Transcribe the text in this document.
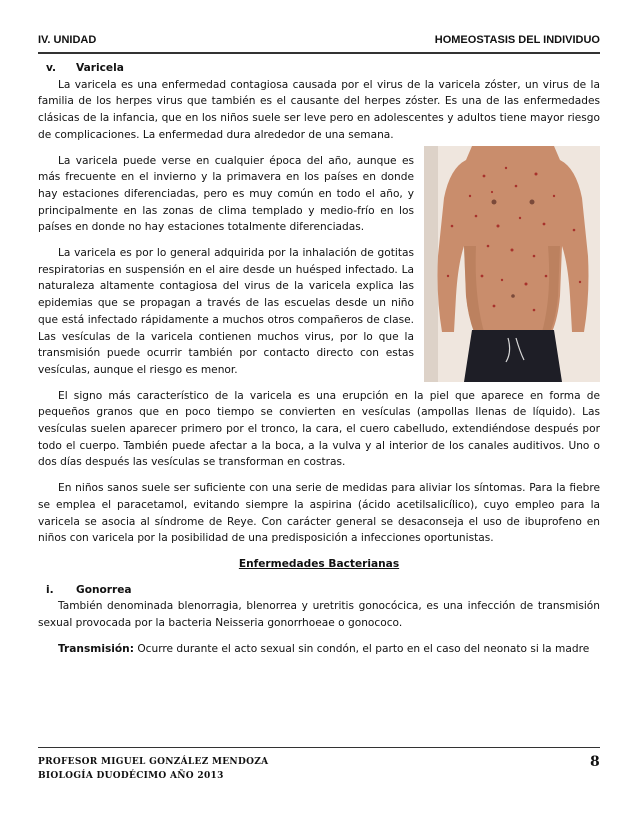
IV. UNIDAD	HOMEOSTASIS DEL INDIVIDUO
v. Varicela

La varicela es una enfermedad contagiosa causada por el virus de la varicela zóster, un virus de la familia de los herpes virus que también es el causante del herpes zóster. Es una de las enfermedades clásicas de la infancia, que en los niños suele ser leve pero en adolescentes y adultos tiene mayor riesgo de complicaciones. La enfermedad dura alrededor de una semana.

La varicela puede verse en cualquier época del año, aunque es más frecuente en el invierno y la primavera en los países en donde hay estaciones diferenciadas, pero es muy común en todo el año, y principalmente en las zonas de clima templado y medio-frío en los países en donde no hay estaciones totalmente diferenciadas.

La varicela es por lo general adquirida por la inhalación de gotitas respiratorias en suspensión en el aire desde un huésped infectado. La naturaleza altamente contagiosa del virus de la varicela explica las epidemias que se propagan a través de las escuelas desde un niño que está infectado rápidamente a muchos otros compañeros de clase. Las vesículas de la varicela contienen muchos virus, por lo que la transmisión puede ocurrir también por contacto directo con estas vesículas, aunque el riesgo es menor.

El signo más característico de la varicela es una erupción en la piel que aparece en forma de pequeños granos que en poco tiempo se convierten en vesículas (ampollas llenas de líquido). Las vesículas suelen aparecer primero por el tronco, la cara, el cuero cabelludo, extendiéndose después por todo el cuerpo. También puede afectar a la boca, a la vulva y al interior de los canales auditivos. Uno o dos días después las vesículas se transforman en costras.

En niños sanos suele ser suficiente con una serie de medidas para aliviar los síntomas. Para la fiebre se emplea el paracetamol, evitando siempre la aspirina (ácido acetilsalicílico), cuyo empleo para la varicela se asocia al síndrome de Reye. Con carácter general se desaconseja el uso de ibuprofeno en niños con varicela por la posibilidad de una predisposición a infecciones oportunistas.

Enfermedades Bacterianas
i. Gonorrea

También denominada blenorragia, blenorrea y uretritis gonocócica, es una infección de transmisión sexual provocada por la bacteria Neisseria gonorrhoeae o gonococo.

Transmisión: Ocurre durante el acto sexual sin condón, el parto en el caso del neonato si la madre

PROFESOR MIGUEL GONZÁLEZ MENDOZA
BIOLOGÍA DUODÉCIMO AÑO 2013
8
